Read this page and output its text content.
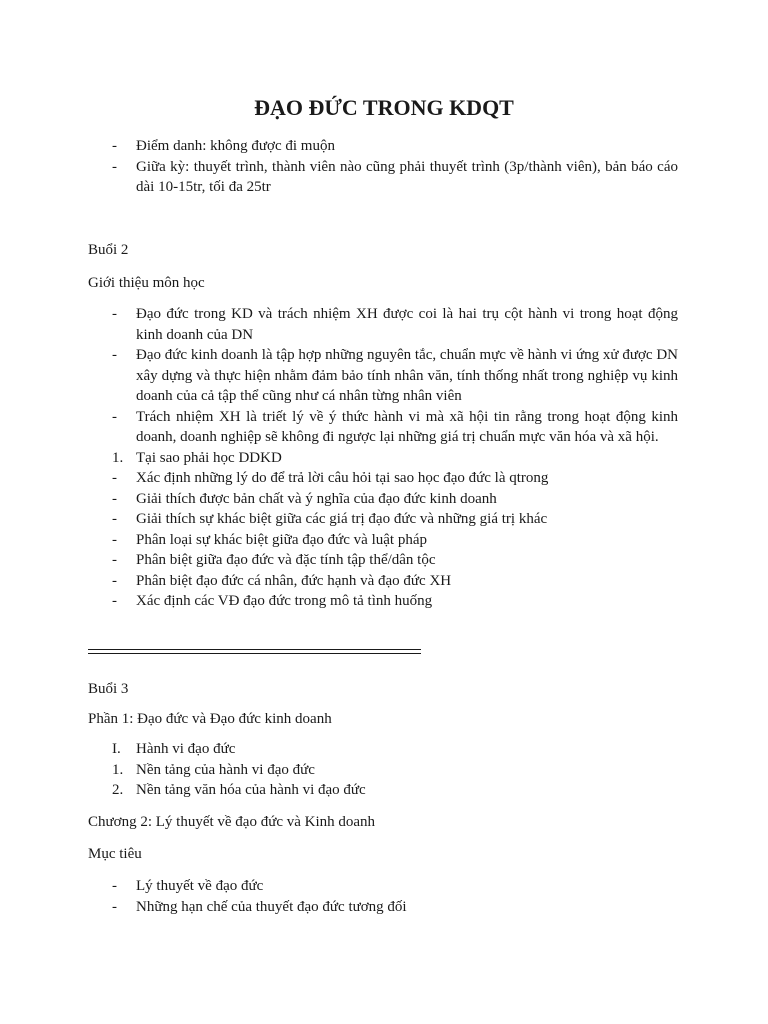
ĐẠO ĐỨC TRONG KDQT
-	Điểm danh: không được đi muộn
-	Giữa kỳ: thuyết trình, thành viên nào cũng phải thuyết trình (3p/thành viên), bản báo cáo dài 10-15tr, tối đa 25tr
Buổi 2
Giới thiệu môn học
-	Đạo đức trong KD và trách nhiệm XH được coi là hai trụ cột hành vi trong hoạt động kinh doanh của DN
-	Đạo đức kinh doanh là tập hợp những nguyên tắc, chuẩn mực về hành vi ứng xử được DN xây dựng và thực hiện nhằm đảm bảo tính nhân văn, tính thống nhất trong nghiệp vụ kinh doanh của cả tập thể cũng như cá nhân từng nhân viên
-	Trách nhiệm XH là triết lý về ý thức hành vi mà xã hội tin rằng trong hoạt động kinh doanh, doanh nghiệp sẽ không đi ngược lại những giá trị chuẩn mực văn hóa và xã hội.
1. Tại sao phải học DDKD
-	Xác định những lý do để trả lời câu hỏi tại sao học đạo đức là qtrong
-	Giải thích được bản chất và ý nghĩa của đạo đức kinh doanh
-	Giải thích sự khác biệt giữa các giá trị đạo đức và những giá trị khác
-	Phân loại sự khác biệt giữa đạo đức và luật pháp
-	Phân biệt giữa đạo đức và đặc tính tập thể/dân tộc
-	Phân biệt đạo đức cá nhân, đức hạnh và đạo đức XH
-	Xác định các VĐ đạo đức trong mô tả tình huống
Buổi 3
Phần 1: Đạo đức và Đạo đức kinh doanh
I.	Hành vi đạo đức
1. Nền tảng của hành vi đạo đức
2. Nền tảng văn hóa của hành vi đạo đức
Chương 2: Lý thuyết về đạo đức và Kinh doanh
Mục tiêu
-	Lý thuyết về đạo đức
-	Những hạn chế của thuyết đạo đức tương đối
